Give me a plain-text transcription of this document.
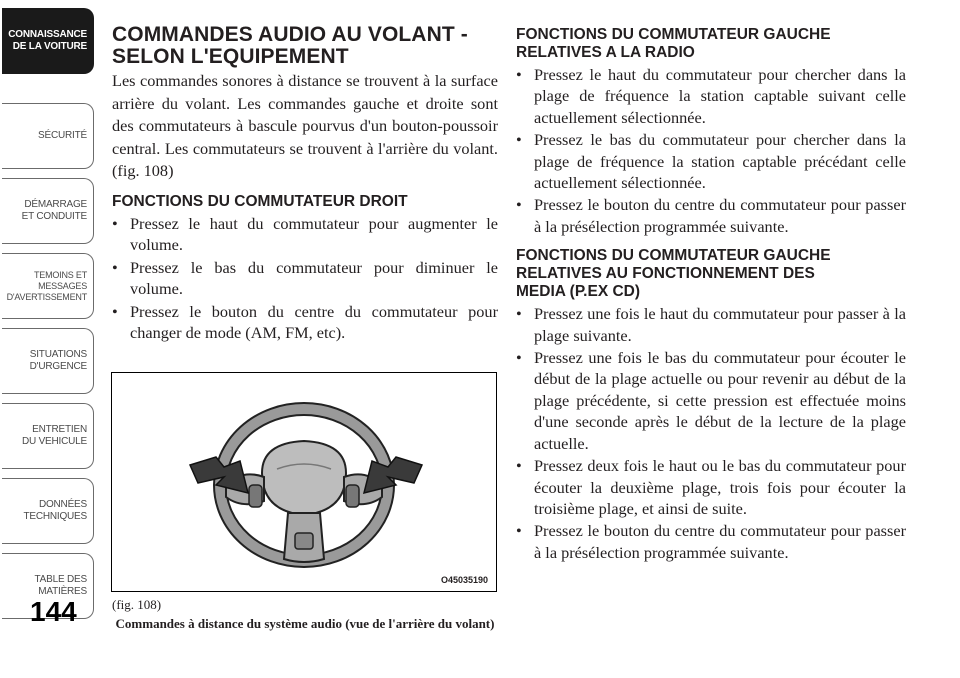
CONNAISSANCE
DE LA VOITURE
SÉCURITÉ
DÉMARRAGE
ET CONDUITE
TEMOINS ET
MESSAGES
D'AVERTISSEMENT
SITUATIONS
D'URGENCE
ENTRETIEN
DU VEHICULE
DONNÉES
TECHNIQUES
TABLE DES
MATIÈRES
144
COMMANDES AUDIO AU VOLANT -
SELON L'EQUIPEMENT

Les commandes sonores à distance se trouvent à la surface arrière du volant. Les commandes gauche et droite sont des commutateurs à bascule pourvus d'un bouton-poussoir central. Les commutateurs se trouvent à l'arrière du volant. (fig. 108)

FONCTIONS DU COMMUTATEUR DROIT
• Pressez le haut du commutateur pour augmenter le volume.
• Pressez le bas du commutateur pour diminuer le volume.
• Pressez le bouton du centre du commutateur pour changer de mode (AM, FM, etc).
O45035190
(fig. 108)
Commandes à distance du système audio (vue de l'arrière du volant)
FONCTIONS DU COMMUTATEUR GAUCHE
RELATIVES A LA RADIO
• Pressez le haut du commutateur pour chercher dans la plage de fréquence la station captable suivant celle actuellement sélectionnée.
• Pressez le bas du commutateur pour chercher dans la plage de fréquence la station captable précédant celle actuellement sélectionnée.
• Pressez le bouton du centre du commutateur pour passer à la présélection programmée suivante.
FONCTIONS DU COMMUTATEUR GAUCHE
RELATIVES AU FONCTIONNEMENT DES
MEDIA (P.EX CD)
• Pressez une fois le haut du commutateur pour passer à la plage suivante.
• Pressez une fois le bas du commutateur pour écouter le début de la plage actuelle ou pour revenir au début de la plage précédente, si cette pression est effectuée moins d'une seconde après le début de la lecture de la plage actuelle.
• Pressez deux fois le haut ou le bas du commutateur pour écouter la deuxième plage, trois fois pour écouter la troisième plage, et ainsi de suite.
• Pressez le bouton du centre du commutateur pour passer à la présélection programmée suivante.
